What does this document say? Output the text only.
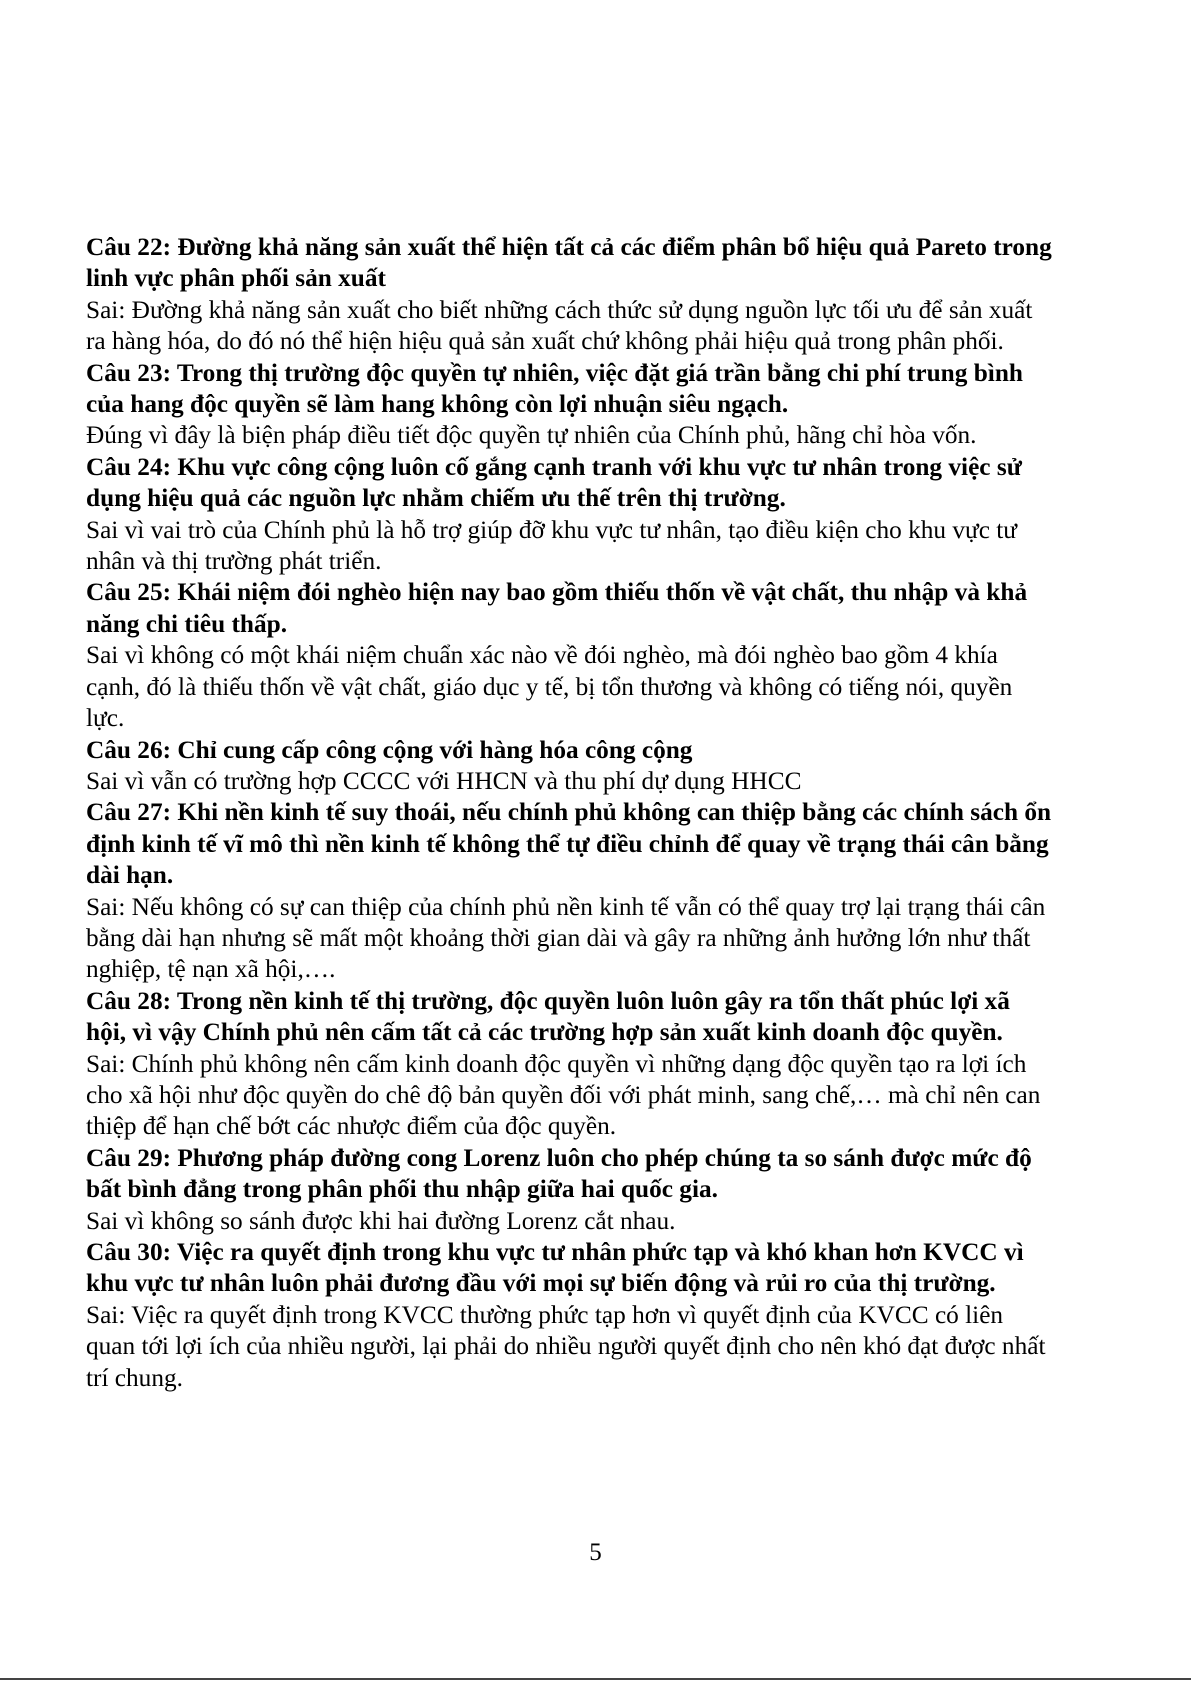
Câu 22: Đường khả năng sản xuất thể hiện tất cả các điểm phân bổ hiệu quả Pareto trong linh vực phân phối sản xuất

Sai: Đường khả năng sản xuất cho biết những cách thức sử dụng nguồn lực tối ưu để sản xuất ra hàng hóa, do đó nó thể hiện hiệu quả sản xuất chứ không phải hiệu quả trong phân phối.

Câu 23: Trong thị trường độc quyền tự nhiên, việc đặt giá trần bằng chi phí trung bình của hang độc quyền sẽ làm hang không còn lợi nhuận siêu ngạch.

Đúng vì đây là biện pháp điều tiết độc quyền tự nhiên của Chính phủ, hãng chỉ hòa vốn.

Câu 24: Khu vực công cộng luôn cố gắng cạnh tranh với khu vực tư nhân trong việc sử dụng hiệu quả các nguồn lực nhằm chiếm ưu thế trên thị trường.

Sai vì vai trò của Chính phủ là hỗ trợ giúp đỡ khu vực tư nhân, tạo điều kiện cho khu vực tư nhân và thị trường phát triển.

Câu 25: Khái niệm đói nghèo hiện nay bao gồm thiếu thốn về vật chất, thu nhập và khả năng chi tiêu thấp.

Sai vì không có một khái niệm chuẩn xác nào về đói nghèo, mà đói nghèo bao gồm 4 khía cạnh, đó là thiếu thốn về vật chất, giáo dục y tế, bị tổn thương và không có tiếng nói, quyền lực.

Câu 26: Chỉ cung cấp công cộng với hàng hóa công cộng

Sai vì vẫn có trường hợp CCCC với HHCN và thu phí dự dụng HHCC

Câu 27: Khi nền kinh tế suy thoái, nếu chính phủ không can thiệp bằng các chính sách ổn định kinh tế vĩ mô thì nền kinh tế không thể tự điều chỉnh để quay về trạng thái cân bằng dài hạn.

Sai: Nếu không có sự can thiệp của chính phủ nền kinh tế vẫn có thể quay trợ lại trạng thái cân bằng dài hạn nhưng sẽ mất một khoảng thời gian dài và gây ra những ảnh hưởng lớn như thất nghiệp, tệ nạn xã hội,….

Câu 28: Trong nền kinh tế thị trường, độc quyền luôn luôn gây ra tổn thất phúc lợi xã hội, vì vậy Chính phủ nên cấm tất cả các trường hợp sản xuất kinh doanh độc quyền.

Sai: Chính phủ không nên cấm kinh doanh độc quyền vì những dạng độc quyền tạo ra lợi ích cho xã hội như độc quyền do chê độ bản quyền đối với phát minh, sang chế,… mà chỉ nên can thiệp để hạn chế bớt các nhược điểm của độc quyền.

Câu 29: Phương pháp đường cong Lorenz luôn cho phép chúng ta so sánh được mức độ bất bình đẳng trong phân phối thu nhập giữa hai quốc gia.

Sai vì không so sánh được khi hai đường Lorenz cắt nhau.

Câu 30: Việc ra quyết định trong khu vực tư nhân phức tạp và khó khan hơn KVCC vì khu vực tư nhân luôn phải đương đầu với mọi sự biến động và rủi ro của thị trường.

Sai: Việc ra quyết định trong KVCC thường phức tạp hơn vì quyết định của KVCC có liên quan tới lợi ích của nhiều người, lại phải do nhiều người quyết định cho nên khó đạt được nhất trí chung.

5
